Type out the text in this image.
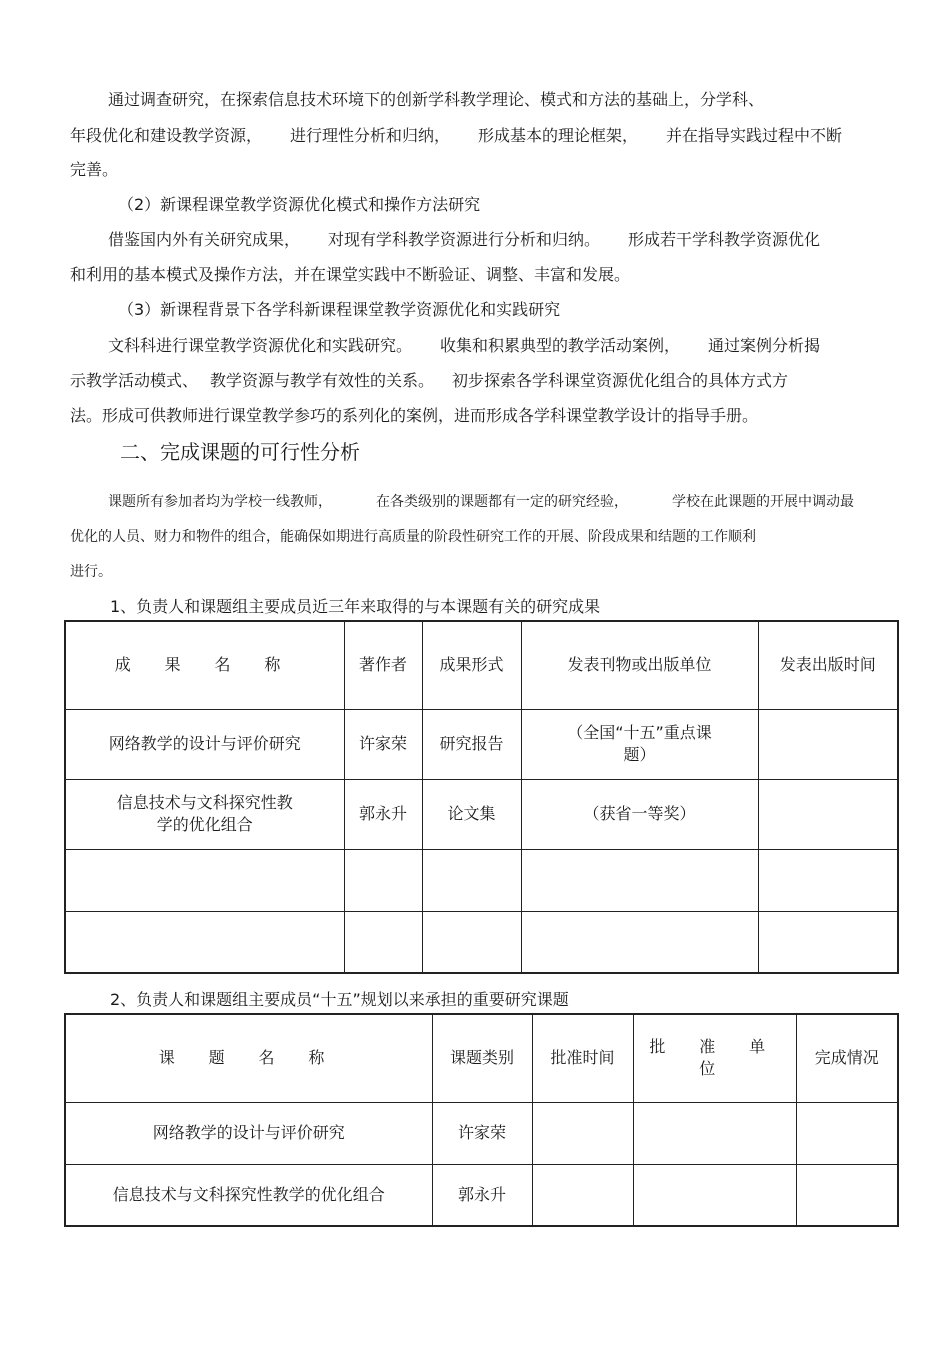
通过调查研究，在探索信息技术环境下的创新学科教学理论、模式和方法的基础上，分学科、
年段优化和建设教学资源， 进行理性分析和归纳， 形成基本的理论框架， 并在指导实践过程中不断
完善。
（2）新课程课堂教学资源优化模式和操作方法研究
借鉴国内外有关研究成果， 对现有学科教学资源进行分析和归纳。 形成若干学科教学资源优化
和利用的基本模式及操作方法，并在课堂实践中不断验证、调整、丰富和发展。
（3）新课程背景下各学科新课程课堂教学资源优化和实践研究
文科科进行课堂教学资源优化和实践研究。 收集和积累典型的教学活动案例， 通过案例分析揭
示教学活动模式、 教学资源与教学有效性的关系。 初步探索各学科课堂资源优化组合的具体方式方
法。形成可供教师进行课堂教学参巧的系列化的案例，进而形成各学科课堂教学设计的指导手册。
二、完成课题的可行性分析
课题所有参加者均为学校一线教师，	在各类级别的课题都有一定的研究经验，	学校在此课题的开展中调动最
优化的人员、财力和物件的组合，能确保如期进行高质量的阶段性研究工作的开展、阶段成果和结题的工作顺利
进行。
1、负责人和课题组主要成员近三年来取得的与本课题有关的研究成果
成 果 名 称	著作者	成果形式	发表刊物或出版单位	发表出版时间
网络教学的设计与评价研究	许家荣	研究报告	（全国“十五”重点课题）	
信息技术与文科探究性教学的优化组合	郭永升	论文集	（获省一等奖）	

2、负责人和课题组主要成员“十五”规划以来承担的重要研究课题
课 题 名 称	课题类别	批准时间	批 准 单 位	完成情况
网络教学的设计与评价研究	许家荣			
信息技术与文科探究性教学的优化组合	郭永升			
